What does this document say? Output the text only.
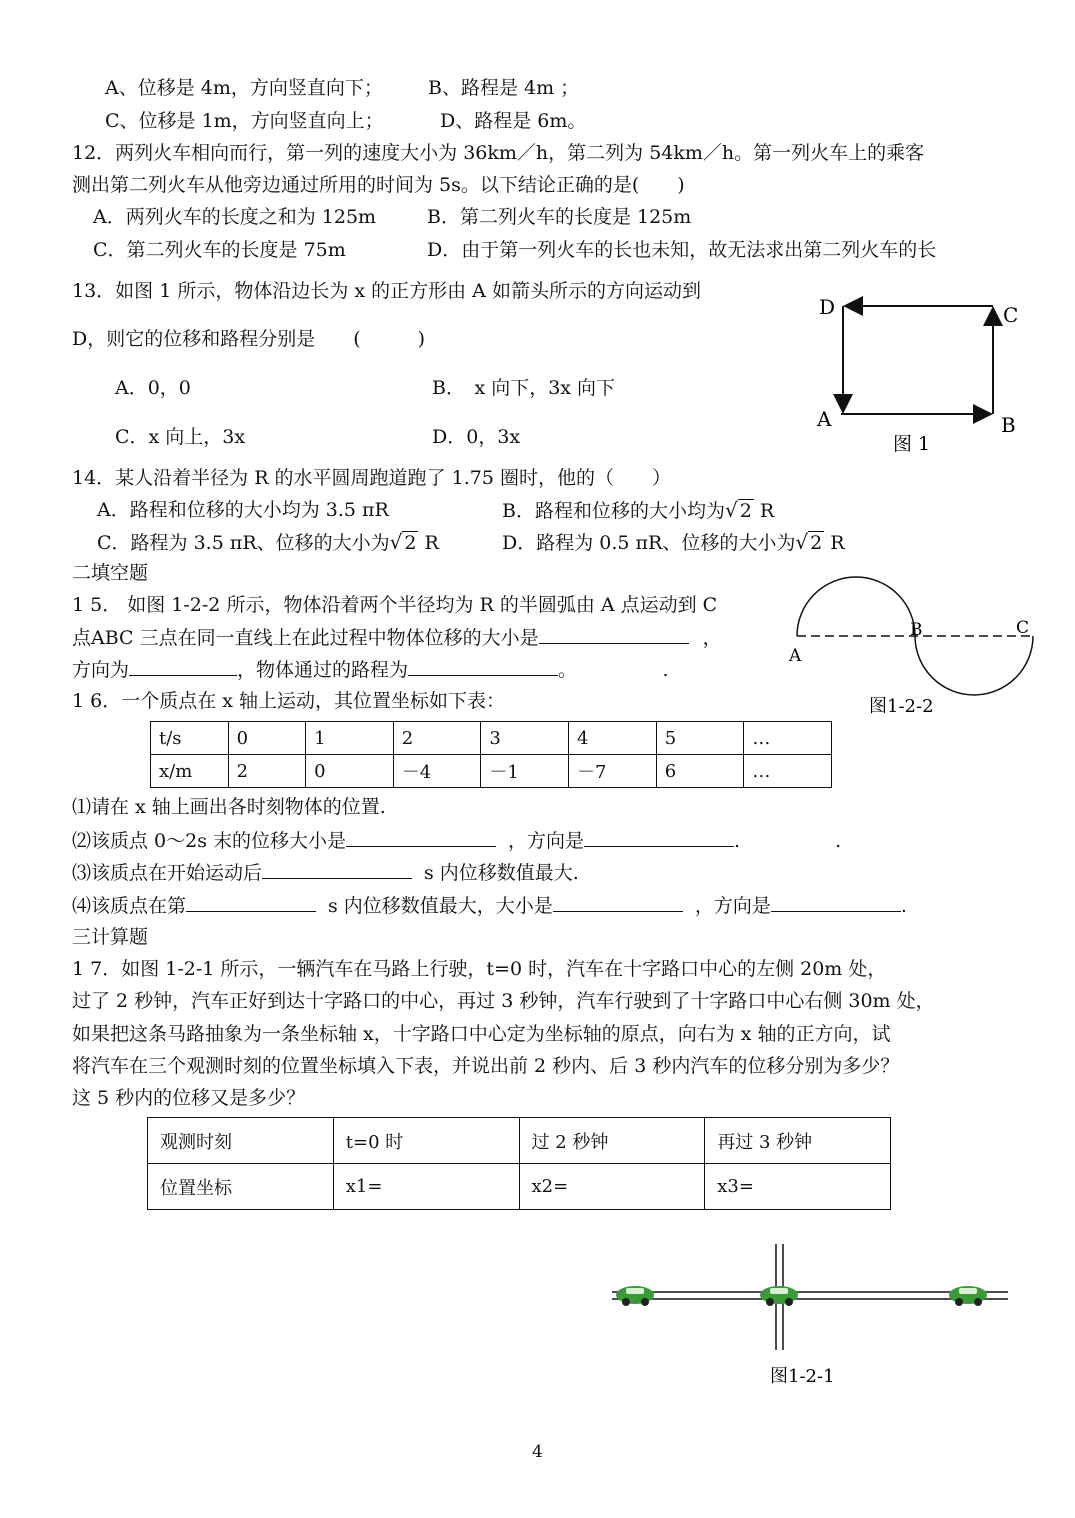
A、位移是 4m，方向竖直向下； B、路程是 4m ；
C、位移是 1m，方向竖直向上；	D、路程是 6m。
12．两列火车相向而行，第一列的速度大小为 36km／h，第二列为 54km／h。第一列火车上的乘客
测出第二列火车从他旁边通过所用的时间为 5s。以下结论正确的是(　　)
A．两列火车的长度之和为 125m	B．第二列火车的长度是 125m
C．第二列火车的长度是 75m	D．由于第一列火车的长也未知，故无法求出第二列火车的长
13．如图 1 所示，物体沿边长为 x 的正方形由 A 如箭头所示的方向运动到
D，则它的位移和路程分别是　　(　　　)
A．0，0	B．　x 向下，3x 向下
C．x 向上，3x	D．0，3x
D	C
A	B
图 1
14．某人沿着半径为 R 的水平圆周跑道跑了 1.75 圈时，他的（　　）
A．路程和位移的大小均为 3.5 πR	B．路程和位移的大小均为√ 2 R
C．路程为 3.5 πR、位移的大小为√ 2 R	D．路程为 0.5 πR、位移的大小为√ 2 R
二填空题
1 5． 如图 1-2-2 所示，物体沿着两个半径均为 R 的半圆弧由 A 点运动到 C
点ABC 三点在同一直线上在此过程中物体位移的大小是	，
方向为	，物体通过的路程为	。　　　　　.
A
B	C
图1-2-2
1 6．一个质点在 x 轴上运动，其位置坐标如下表：
t/s	0	1	2	3	4	5	…
x/m	2	0	－4	－1	－7	6	…
⑴请在 x 轴上画出各时刻物体的位置.
⑵该质点 0～2s 末的位移大小是	，方向是	.　　　　　.
⑶该质点在开始运动后	s 内位移数值最大.
⑷该质点在第	s 内位移数值最大，大小是	，方向是	.
三计算题
1 7．如图 1-2-1 所示，一辆汽车在马路上行驶，t=0 时，汽车在十字路口中心的左侧 20m 处，
过了 2 秒钟，汽车正好到达十字路口的中心，再过 3 秒钟，汽车行驶到了十字路口中心右侧 30m 处，
如果把这条马路抽象为一条坐标轴 x，十字路口中心定为坐标轴的原点，向右为 x 轴的正方向，试
将汽车在三个观测时刻的位置坐标填入下表，并说出前 2 秒内、后 3 秒内汽车的位移分别为多少？
这 5 秒内的位移又是多少？
观测时刻	t=0 时	过 2 秒钟	再过 3 秒钟
位置坐标	x1=	x2=	x3=
图1-2-1
4
